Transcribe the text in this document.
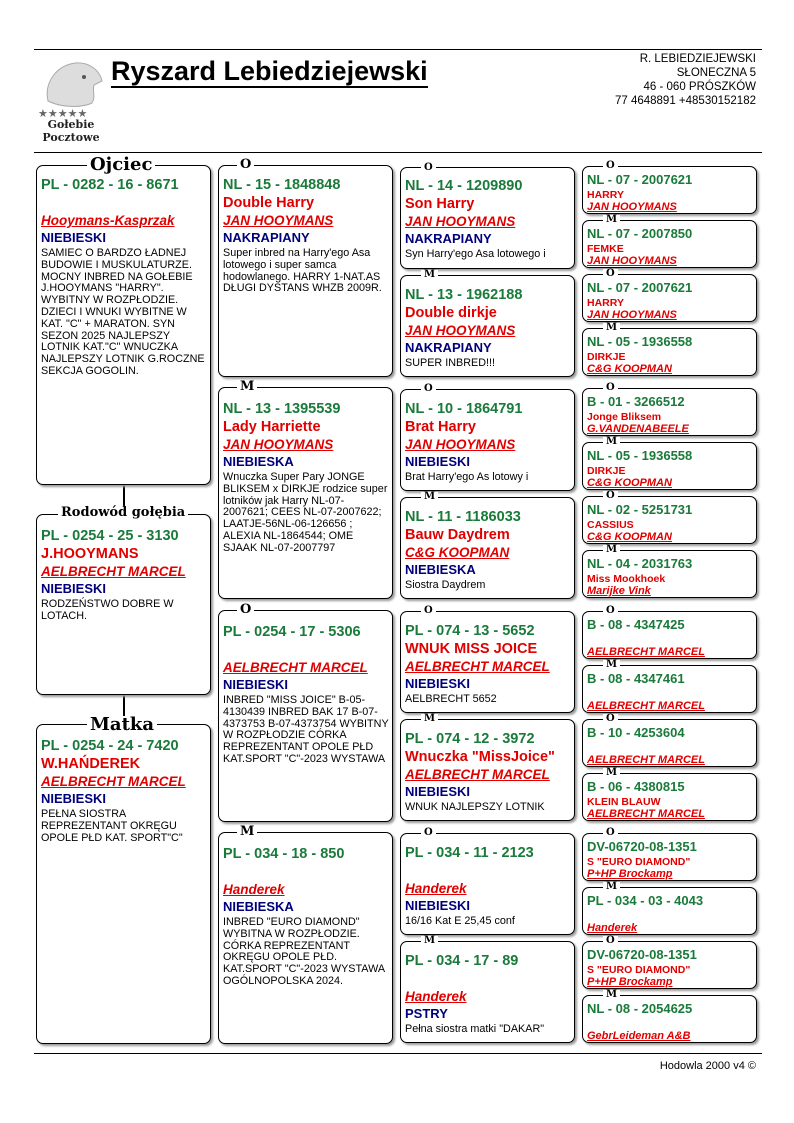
★★★★★
Gołebie
Pocztowe
Ryszard Lebiedziejewski	R. LEBIEDZIEJEWSKI
SŁONECZNA 5
46 - 060 PRÓSZKÓW
77 4648891 +48530152182
PL - 0282 - 16 - 8671
Hooymans-Kasprzak
NIEBIESKI
SAMIEC O BARDZO ŁADNEJ BUDOWIE I MUSKULATURZE. MOCNY INBRED NA GOŁEBIE J.HOOYMANS "HARRY". WYBITNY W ROZPŁODZIE. DZIECI I WNUKI WYBITNE W KAT. "C" + MARATON. SYN SEZON 2025 NAJLEPSZY LOTNIK KAT."C" WNUCZKA NAJLEPSZY LOTNIK G.ROCZNE SEKCJA GOGOLIN.
Ojciec
PL - 0254 - 25 - 3130
J.HOOYMANS
AELBRECHT MARCEL
NIEBIESKI
RODZEŃSTWO DOBRE W LOTACH.
Rodowód gołębia
PL - 0254 - 24 - 7420
W.HAŃDEREK
AELBRECHT MARCEL
NIEBIESKI
PEŁNA SIOSTRA REPREZENTANT OKRĘGU OPOLE PŁD KAT. SPORT"C"
Matka
NL - 15 - 1848848
Double Harry
JAN HOOYMANS
NAKRAPIANY
Super inbred na Harry'ego Asa lotowego i super samca hodowlanego. HARRY 1-NAT.AS DŁUGI DYSTANS WHZB 2009R.
O
NL - 13 - 1395539
Lady Harriette
JAN HOOYMANS
NIEBIESKA
Wnuczka Super Pary JONGE BLIKSEM x DIRKJE rodzice super lotników jak Harry NL-07-2007621; CEES NL-07-2007622; LAATJE-56NL-06-126656 ; ALEXIA NL-1864544; OME SJAAK NL-07-2007797
M
PL - 0254 - 17 - 5306
AELBRECHT MARCEL
NIEBIESKI
INBRED "MISS JOICE" B-05-4130439 INBRED BAK 17 B-07-4373753 B-07-4373754 WYBITNY W ROZPŁODZIE CÓRKA REPREZENTANT OPOLE PŁD KAT.SPORT "C"-2023 WYSTAWA
O
PL - 034 - 18 - 850
Handerek
NIEBIESKA
INBRED "EURO DIAMOND" WYBITNA W ROZPŁODZIE. CÓRKA REPREZENTANT OKRĘGU OPOLE PŁD. KAT.SPORT "C"-2023 WYSTAWA OGÓLNOPOLSKA 2024.
M
NL - 14 - 1209890
Son Harry
JAN HOOYMANS
NAKRAPIANY
Syn Harry'ego Asa lotowego i
O
NL - 13 - 1962188
Double dirkje
JAN HOOYMANS
NAKRAPIANY
SUPER INBRED!!!
M
NL - 10 - 1864791
Brat Harry
JAN HOOYMANS
NIEBIESKI
Brat Harry'ego As lotowy i
O
NL - 11 - 1186033
Bauw Daydrem
C&G KOOPMAN
NIEBIESKA
Siostra Daydrem
M
PL - 074 - 13 - 5652
WNUK MISS JOICE
AELBRECHT MARCEL
NIEBIESKI
AELBRECHT 5652
O
PL - 074 - 12 - 3972
Wnuczka "MissJoice"
AELBRECHT MARCEL
NIEBIESKI
WNUK NAJLEPSZY LOTNIK
M
PL - 034 - 11 - 2123
Handerek
NIEBIESKI
16/16 Kat E 25,45 conf
O
PL - 034 - 17 - 89
Handerek
PSTRY
Pełna siostra matki "DAKAR"
M
NL - 07 - 2007621
HARRY
JAN HOOYMANS
O
NL - 07 - 2007850
FEMKE
JAN HOOYMANS
M
NL - 07 - 2007621
HARRY
JAN HOOYMANS
O
NL - 05 - 1936558
DIRKJE
C&G KOOPMAN
M
B - 01 - 3266512
Jonge Bliksem
G.VANDENABEELE
O
NL - 05 - 1936558
DIRKJE
C&G KOOPMAN
M
NL - 02 - 5251731
CASSIUS
C&G KOOPMAN
O
NL - 04 - 2031763
Miss Mookhoek
Marijke Vink
M
B - 08 - 4347425
AELBRECHT MARCEL
O
B - 08 - 4347461
AELBRECHT MARCEL
M
B - 10 - 4253604
AELBRECHT MARCEL
O
B - 06 - 4380815
KLEIN BLAUW
AELBRECHT MARCEL
M
DV-06720-08-1351
S "EURO DIAMOND"
P+HP Brockamp
O
PL - 034 - 03 - 4043
Handerek
M
DV-06720-08-1351
S "EURO DIAMOND"
P+HP Brockamp
O
NL - 08 - 2054625
GebrLeideman A&B
M
Hodowla 2000 v4 ©
